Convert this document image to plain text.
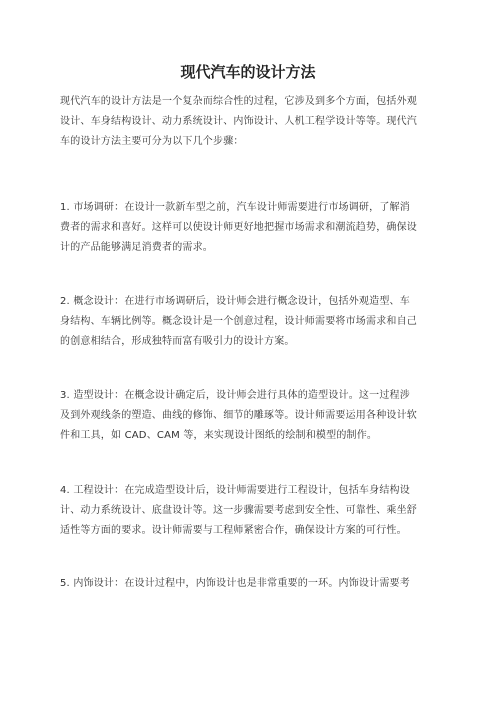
现代汽车的设计方法

现代汽车的设计方法是一个复杂而综合性的过程，它涉及到多个方面，包括外观
设计、车身结构设计、动力系统设计、内饰设计、人机工程学设计等等。现代汽
车的设计方法主要可分为以下几个步骤：

1. 市场调研：在设计一款新车型之前，汽车设计师需要进行市场调研，了解消
费者的需求和喜好。这样可以使设计师更好地把握市场需求和潮流趋势，确保设
计的产品能够满足消费者的需求。

2. 概念设计：在进行市场调研后，设计师会进行概念设计，包括外观造型、车
身结构、车辆比例等。概念设计是一个创意过程，设计师需要将市场需求和自己
的创意相结合，形成独特而富有吸引力的设计方案。

3. 造型设计：在概念设计确定后，设计师会进行具体的造型设计。这一过程涉
及到外观线条的塑造、曲线的修饰、细节的雕琢等。设计师需要运用各种设计软
件和工具，如 CAD、CAM 等，来实现设计图纸的绘制和模型的制作。

4. 工程设计：在完成造型设计后，设计师需要进行工程设计，包括车身结构设
计、动力系统设计、底盘设计等。这一步骤需要考虑到安全性、可靠性、乘坐舒
适性等方面的要求。设计师需要与工程师紧密合作，确保设计方案的可行性。

5. 内饰设计：在设计过程中，内饰设计也是非常重要的一环。内饰设计需要考
